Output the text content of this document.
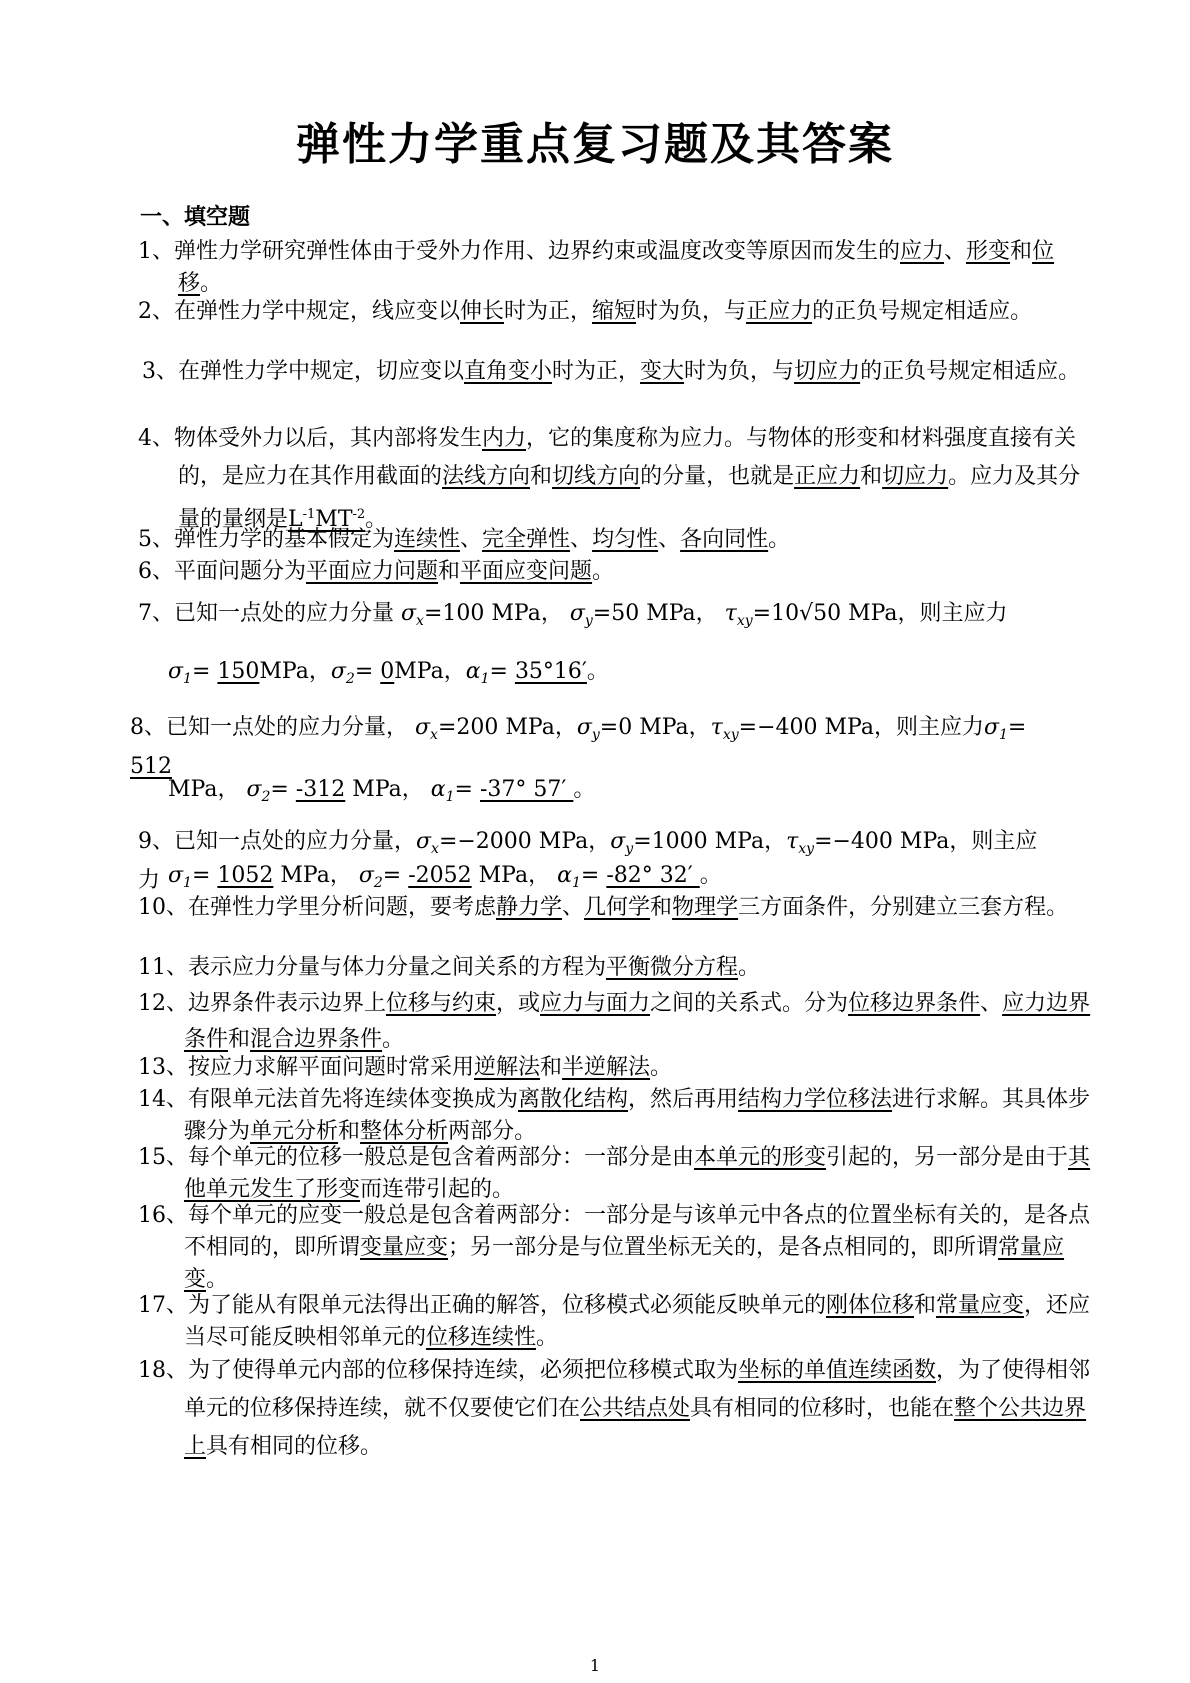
弹性力学重点复习题及其答案
一、填空题
1、弹性力学研究弹性体由于受外力作用、边界约束或温度改变等原因而发生的应力、形变和位移。
2、在弹性力学中规定，线应变以伸长时为正，缩短时为负，与正应力的正负号规定相适应。
3、在弹性力学中规定，切应变以直角变小时为正，变大时为负，与切应力的正负号规定相适应。
4、物体受外力以后，其内部将发生内力，它的集度称为应力。与物体的形变和材料强度直接有关的，是应力在其作用截面的法线方向和切线方向的分量，也就是正应力和切应力。应力及其分量的量纲是$L^{-1}MT^{-2}$。
5、弹性力学的基本假定为连续性、完全弹性、均匀性、各向同性。
6、平面问题分为平面应力问题和平面应变问题。
7、已知一点处的应力分量 $\sigma_x=100$ MPa， $\sigma_y=50$ MPa， $\tau_{xy}=10√50$ MPa，则主应力
$\sigma_1= 150MPa$，$\sigma_2= 0MPa$，$\alpha_1= 35^\circ 16'$。
8、已知一点处的应力分量， $\sigma_x=200$ MPa，$\sigma_y=0$ MPa，$\tau_{xy}=-400$ MPa，则主应力$\sigma_1= 512$
MPa， $\sigma_2= -312$ MPa， $\alpha_1= -37^\circ$ 57′ 。
9、已知一点处的应力分量，$\sigma_x=-2000$ MPa，$\sigma_y=1000$ MPa，$\tau_{xy}=-400$ MPa，则主应力 $\sigma_1= 1052$ MPa， $\sigma_2= -2052$ MPa， $\alpha_1= -82^\circ$ 32′ 。
10、在弹性力学里分析问题，要考虑静力学、几何学和物理学三方面条件，分别建立三套方程。
11、表示应力分量与体力分量之间关系的方程为平衡微分方程。
12、边界条件表示边界上位移与约束，或应力与面力之间的关系式。分为位移边界条件、应力边界条件和混合边界条件。
13、按应力求解平面问题时常采用逆解法和半逆解法。
14、有限单元法首先将连续体变换成为离散化结构，然后再用结构力学位移法进行求解。其具体步骤分为单元分析和整体分析两部分。
15、每个单元的位移一般总是包含着两部分：一部分是由本单元的形变引起的，另一部分是由于其他单元发生了形变而连带引起的。
16、每个单元的应变一般总是包含着两部分：一部分是与该单元中各点的位置坐标有关的，是各点不相同的，即所谓变量应变；另一部分是与位置坐标无关的，是各点相同的，即所谓常量应变。
17、为了能从有限单元法得出正确的解答，位移模式必须能反映单元的刚体位移和常量应变，还应当尽可能反映相邻单元的位移连续性。
18、为了使得单元内部的位移保持连续，必须把位移模式取为坐标的单值连续函数，为了使得相邻单元的位移保持连续，就不仅要使它们在公共结点处具有相同的位移时，也能在整个公共边界上具有相同的位移。
1
